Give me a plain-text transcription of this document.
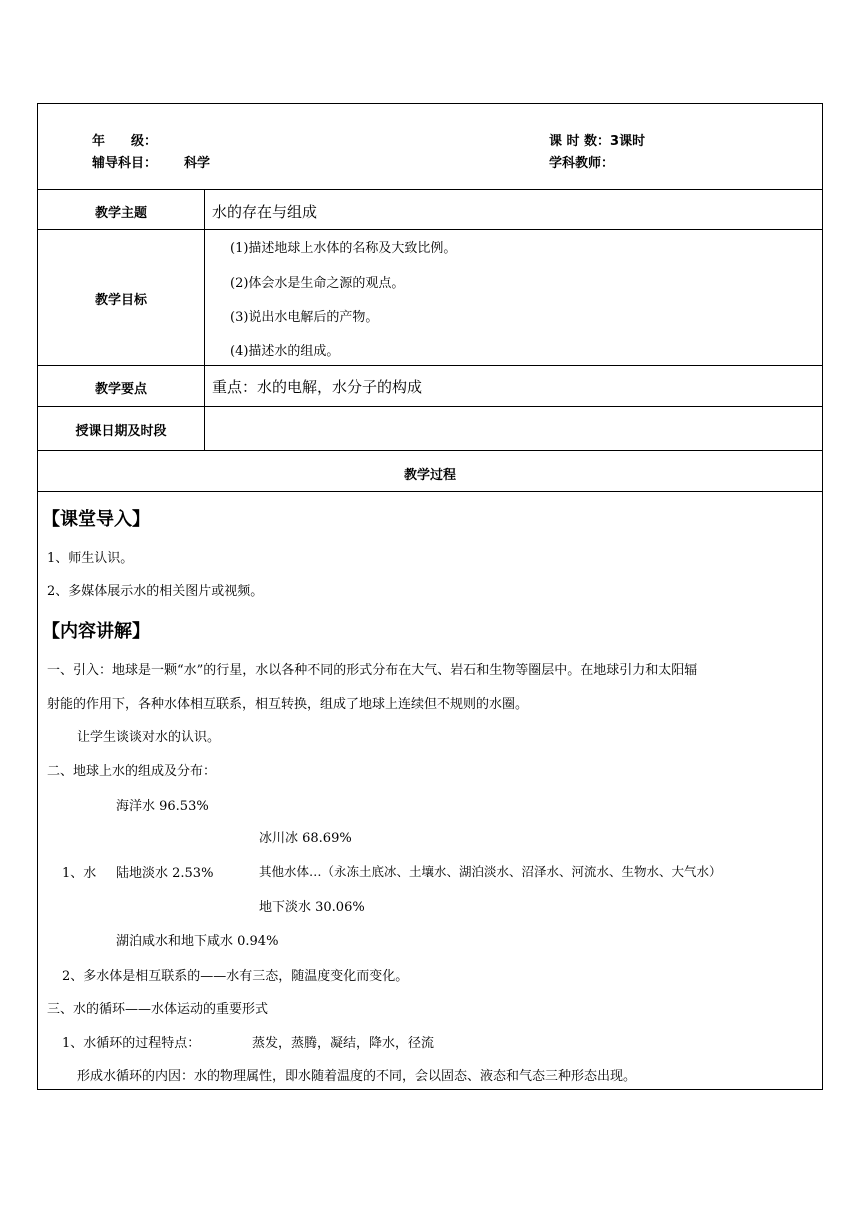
年　　级：
辅导科目： 科学
课 时 数：3课时
学科教师：
教学主题	水的存在与组成
教学目标
(1)描述地球上水体的名称及大致比例。
(2)体会水是生命之源的观点。
(3)说出水电解后的产物。
(4)描述水的组成。
教学要点	重点：水的电解，水分子的构成
授课日期及时段
教学过程
【课堂导入】
1、师生认识。
2、多媒体展示水的相关图片或视频。
【内容讲解】
一、引入：地球是一颗“水”的行星，水以各种不同的形式分布在大气、岩石和生物等圈层中。在地球引力和太阳辐
射能的作用下，各种水体相互联系，相互转换，组成了地球上连续但不规则的水圈。
让学生谈谈对水的认识。
二、地球上水的组成及分布：
海洋水 96.53%
冰川冰 68.69%
1、水 陆地淡水 2.53%	其他水体…（永冻土底冰、土壤水、湖泊淡水、沼泽水、河流水、生物水、大气水）
地下淡水 30.06%
湖泊咸水和地下咸水 0.94%
2、多水体是相互联系的——水有三态，随温度变化而变化。
三、水的循环——水体运动的重要形式
1、水循环的过程特点：	蒸发，蒸腾，凝结，降水，径流
形成水循环的内因：水的物理属性，即水随着温度的不同，会以固态、液态和气态三种形态出现。
